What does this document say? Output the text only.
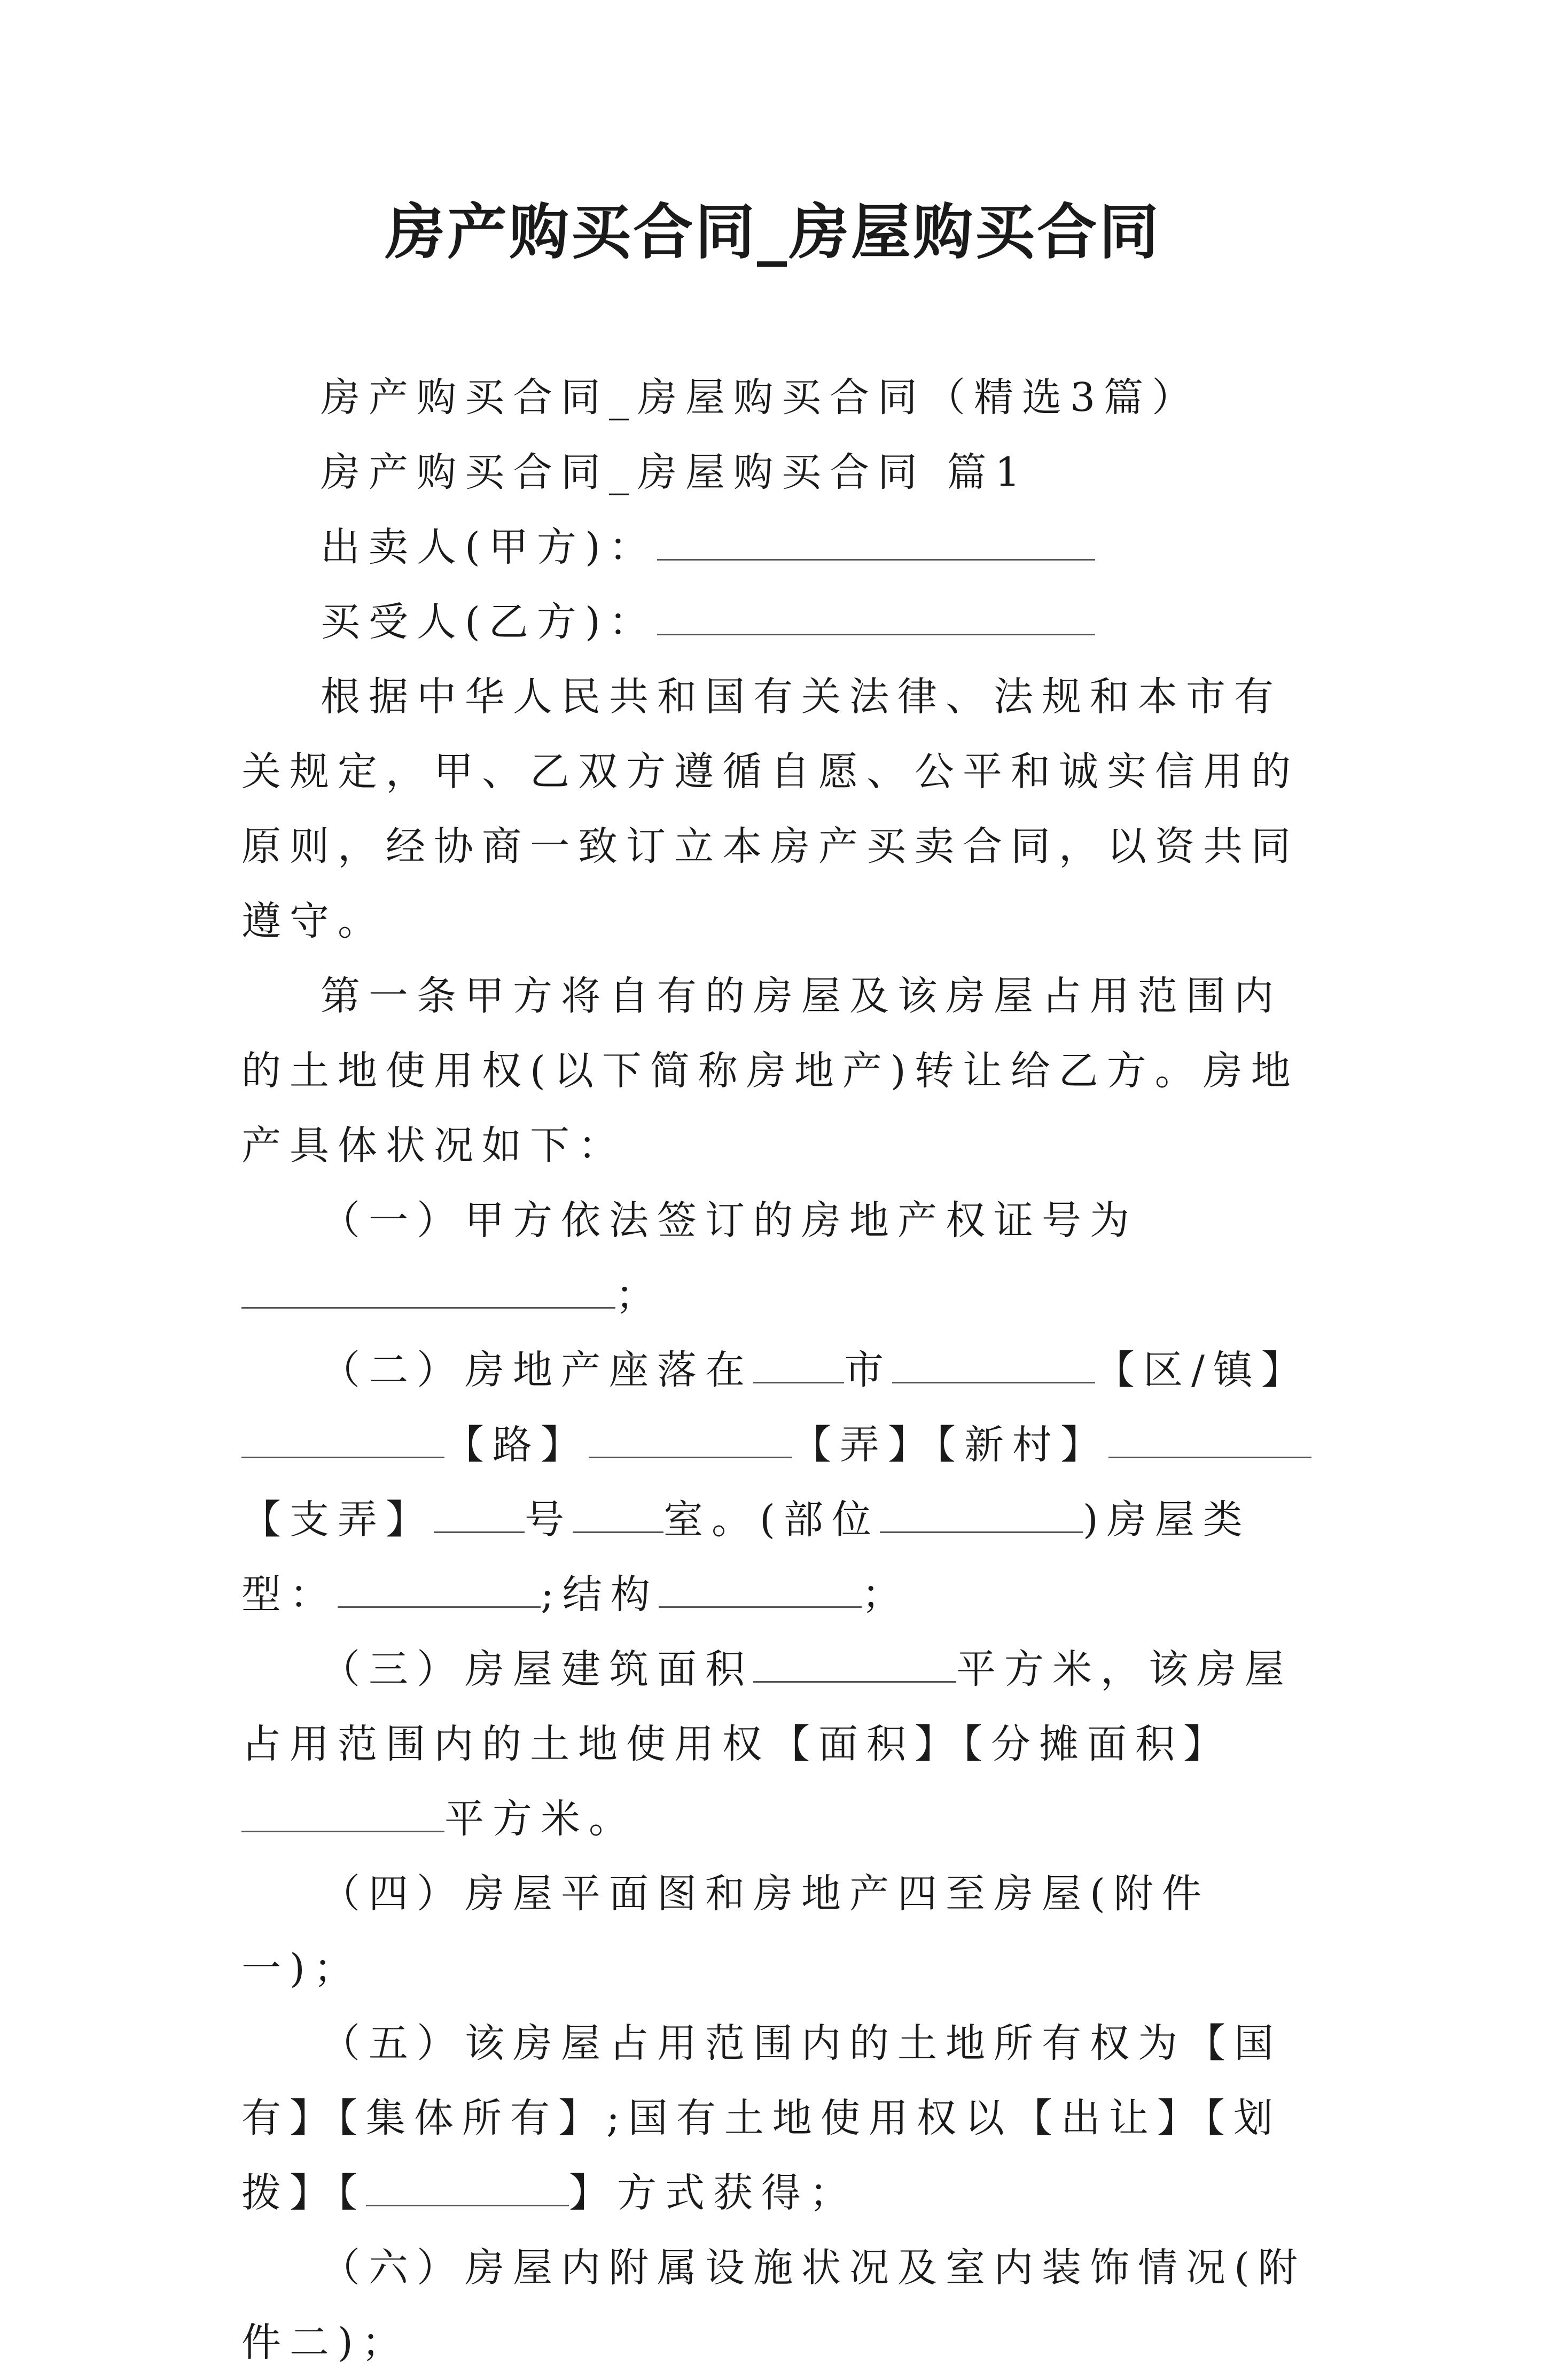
房产购买合同_房屋购买合同

房产购买合同_房屋购买合同（精选3篇）

房产购买合同_房屋购买合同 篇1

出卖人(甲方)：

买受人(乙方)：

根据中华人民共和国有关法律、法规和本市有关规定，甲、乙双方遵循自愿、公平和诚实信用的原则，经协商一致订立本房产买卖合同，以资共同遵守。

第一条甲方将自有的房屋及该房屋占用范围内的土地使用权(以下简称房地产)转让给乙方。房地产具体状况如下：

（一）甲方依法签订的房地产权证号为；

（二）房地产座落在 市	【区/镇】【路】	【弄】【新村】【支弄】 号 室。(部位	)房屋类型：	;结构	；

（三）房屋建筑面积	平方米，该房屋占用范围内的土地使用权【面积】【分摊面积】平方米。

（四）房屋平面图和房地产四至房屋(附件一)；

（五）该房屋占用范围内的土地所有权为【国有】【集体所有】;国有土地使用权以【出让】【划拨】【	】方式获得；

（六）房屋内附属设施状况及室内装饰情况(附件二)；
